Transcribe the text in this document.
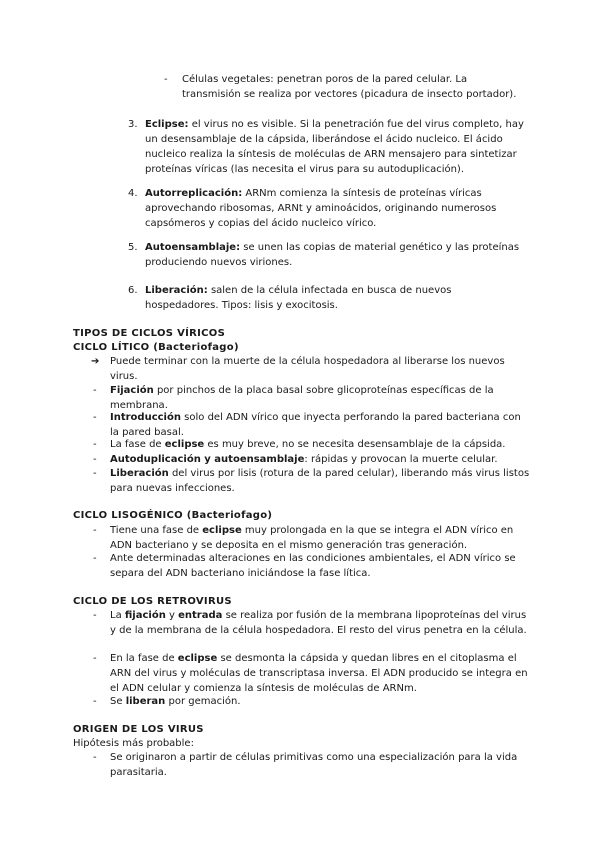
- Células vegetales: penetran poros de la pared celular. La transmisión se realiza por vectores (picadura de insecto portador).
3. Eclipse: el virus no es visible. Si la penetración fue del virus completo, hay un desensamblaje de la cápsida, liberándose el ácido nucleico. El ácido nucleico realiza la síntesis de moléculas de ARN mensajero para sintetizar proteínas víricas (las necesita el virus para su autoduplicación).
4. Autorreplicación: ARNm comienza la síntesis de proteínas víricas aprovechando ribosomas, ARNt y aminoácidos, originando numerosos capsómeros y copias del ácido nucleico vírico.
5. Autoensamblaje: se unen las copias de material genético y las proteínas produciendo nuevos viriones.
6. Liberación: salen de la célula infectada en busca de nuevos hospedadores. Tipos: lisis y exocitosis.
TIPOS DE CICLOS VÍRICOS
CICLO LÍTICO (Bacteriofago)
➔ Puede terminar con la muerte de la célula hospedadora al liberarse los nuevos virus.
- Fijación por pinchos de la placa basal sobre glicoproteínas específicas de la membrana.
- Introducción solo del ADN vírico que inyecta perforando la pared bacteriana con la pared basal.
- La fase de eclipse es muy breve, no se necesita desensamblaje de la cápsida.
- Autoduplicación y autoensamblaje: rápidas y provocan la muerte celular.
- Liberación del virus por lisis (rotura de la pared celular), liberando más virus listos para nuevas infecciones.
CICLO LISOGÉNICO (Bacteriofago)
- Tiene una fase de eclipse muy prolongada en la que se integra el ADN vírico en ADN bacteriano y se deposita en el mismo generación tras generación.
- Ante determinadas alteraciones en las condiciones ambientales, el ADN vírico se separa del ADN bacteriano iniciándose la fase lítica.
CICLO DE LOS RETROVIRUS
- La fijación y entrada se realiza por fusión de la membrana lipoproteínas del virus y de la membrana de la célula hospedadora. El resto del virus penetra en la célula.
- En la fase de eclipse se desmonta la cápsida y quedan libres en el citoplasma el ARN del virus y moléculas de transcriptasa inversa. El ADN producido se integra en el ADN celular y comienza la síntesis de moléculas de ARNm.
- Se liberan por gemación.
ORIGEN DE LOS VIRUS
Hipótesis más probable:
- Se originaron a partir de células primitivas como una especialización para la vida parasitaria.
